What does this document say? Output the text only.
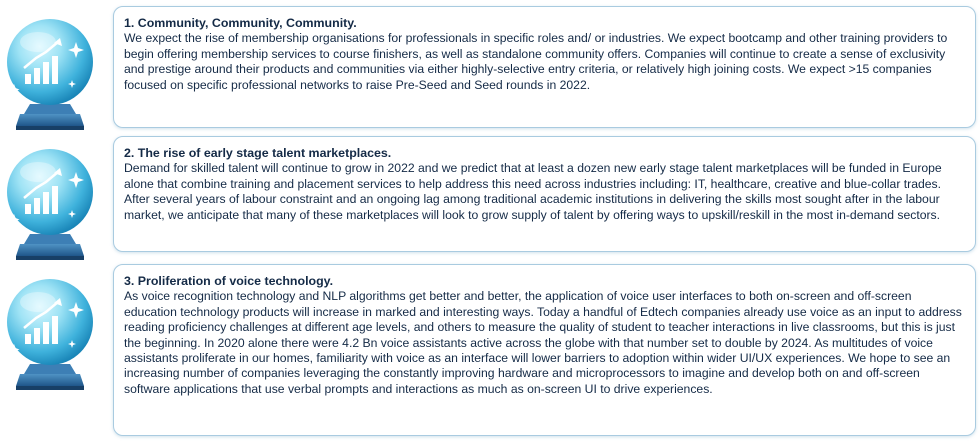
1. Community, Community, Community.

We expect the rise of membership organisations for professionals in specific roles and/ or industries. We expect bootcamp and other training providers to begin offering membership services to course finishers, as well as standalone community offers. Companies will continue to create a sense of exclusivity and prestige around their products and communities via either highly-selective entry criteria, or relatively high joining costs. We expect >15 companies focused on specific professional networks to raise Pre-Seed and Seed rounds in 2022.

2. The rise of early stage talent marketplaces.

Demand for skilled talent will continue to grow in 2022 and we predict that at least a dozen new early stage talent marketplaces will be funded in Europe alone that combine training and placement services to help address this need across industries including: IT, healthcare, creative and blue-collar trades. After several years of labour constraint and an ongoing lag among traditional academic institutions in delivering the skills most sought after in the labour market, we anticipate that many of these marketplaces will look to grow supply of talent by offering ways to upskill/reskill in the most in-demand sectors.

3. Proliferation of voice technology.

As voice recognition technology and NLP algorithms get better and better, the application of voice user interfaces to both on-screen and off-screen education technology products will increase in marked and interesting ways. Today a handful of Edtech companies already use voice as an input to address reading proficiency challenges at different age levels, and others to measure the quality of student to teacher interactions in live classrooms, but this is just the beginning. In 2020 alone there were 4.2 Bn voice assistants active across the globe with that number set to double by 2024. As multitudes of voice assistants proliferate in our homes, familiarity with voice as an interface will lower barriers to adoption within wider UI/UX experiences. We hope to see an increasing number of companies leveraging the constantly improving hardware and microprocessors to imagine and develop both on and off-screen software applications that use verbal prompts and interactions as much as on-screen UI to drive experiences.
